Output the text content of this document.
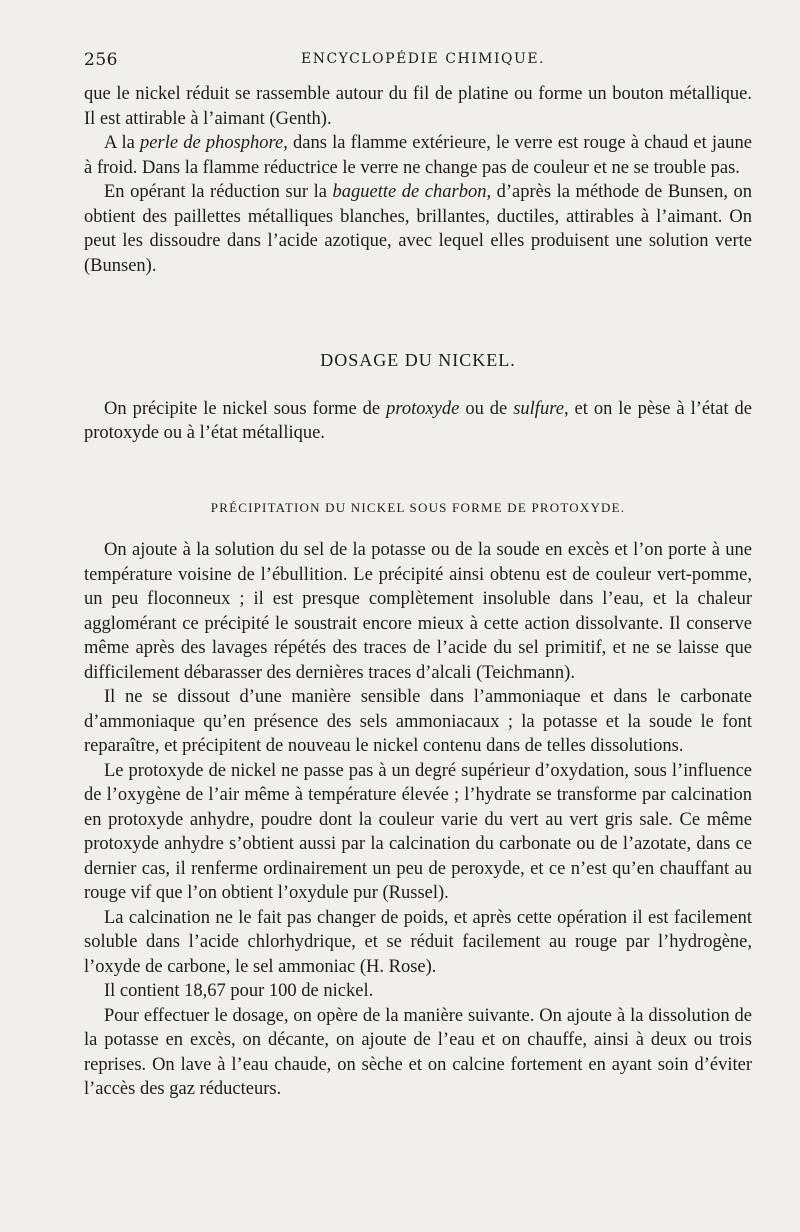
256	ENCYCLOPÉDIE CHIMIQUE.

que le nickel réduit se rassemble autour du fil de platine ou forme un bouton métallique. Il est attirable à l’aimant (Genth).

A la perle de phosphore, dans la flamme extérieure, le verre est rouge à chaud et jaune à froid. Dans la flamme réductrice le verre ne change pas de couleur et ne se trouble pas.

En opérant la réduction sur la baguette de charbon, d’après la méthode de Bunsen, on obtient des paillettes métalliques blanches, brillantes, ductiles, attirables à l’aimant. On peut les dissoudre dans l’acide azotique, avec lequel elles produisent une solution verte (Bunsen).

DOSAGE DU NICKEL.

On précipite le nickel sous forme de protoxyde ou de sulfure, et on le pèse à l’état de protoxyde ou à l’état métallique.

PRÉCIPITATION DU NICKEL SOUS FORME DE PROTOXYDE.

On ajoute à la solution du sel de la potasse ou de la soude en excès et l’on porte à une température voisine de l’ébullition. Le précipité ainsi obtenu est de couleur vert-pomme, un peu floconneux ; il est presque complètement insoluble dans l’eau, et la chaleur agglomérant ce précipité le soustrait encore mieux à cette action dissolvante. Il conserve même après des lavages répétés des traces de l’acide du sel primitif, et ne se laisse que difficilement débarasser des dernières traces d’alcali (Teichmann).

Il ne se dissout d’une manière sensible dans l’ammoniaque et dans le carbonate d’ammoniaque qu’en présence des sels ammoniacaux ; la potasse et la soude le font reparaître, et précipitent de nouveau le nickel contenu dans de telles dissolutions.

Le protoxyde de nickel ne passe pas à un degré supérieur d’oxydation, sous l’influence de l’oxygène de l’air même à température élevée ; l’hydrate se transforme par calcination en protoxyde anhydre, poudre dont la couleur varie du vert au vert gris sale. Ce même protoxyde anhydre s’obtient aussi par la calcination du carbonate ou de l’azotate, dans ce dernier cas, il renferme ordinairement un peu de peroxyde, et ce n’est qu’en chauffant au rouge vif que l’on obtient l’oxydule pur (Russel).

La calcination ne le fait pas changer de poids, et après cette opération il est facilement soluble dans l’acide chlorhydrique, et se réduit facilement au rouge par l’hydrogène, l’oxyde de carbone, le sel ammoniac (H. Rose).

Il contient 18,67 pour 100 de nickel.

Pour effectuer le dosage, on opère de la manière suivante. On ajoute à la dissolution de la potasse en excès, on décante, on ajoute de l’eau et on chauffe, ainsi à deux ou trois reprises. On lave à l’eau chaude, on sèche et on calcine fortement en ayant soin d’éviter l’accès des gaz réducteurs.
